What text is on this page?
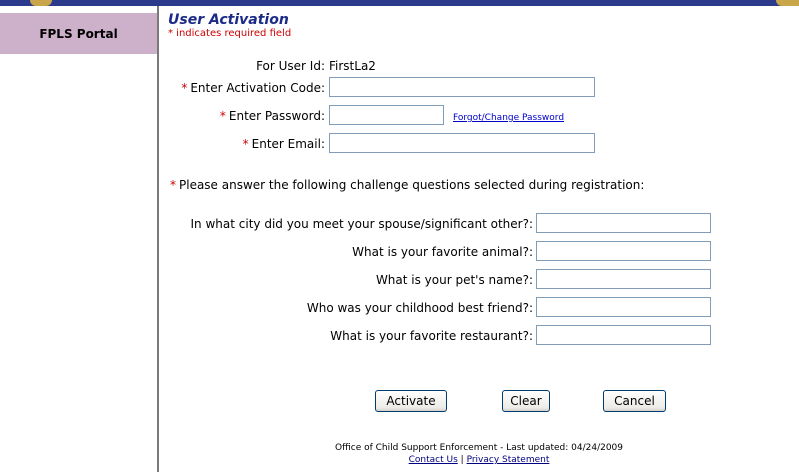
FPLS Portal
User Activation
* indicates required field
For User Id: FirstLa2
* Enter Activation Code:
* Enter Password:	Forgot/Change Password
* Enter Email:
* Please answer the following challenge questions selected during registration:
In what city did you meet your spouse/significant other?:
What is your favorite animal?:
What is your pet's name?:
Who was your childhood best friend?:
What is your favorite restaurant?:
Activate	Clear	Cancel
Office of Child Support Enforcement - Last updated: 04/24/2009
Contact Us | Privacy Statement
